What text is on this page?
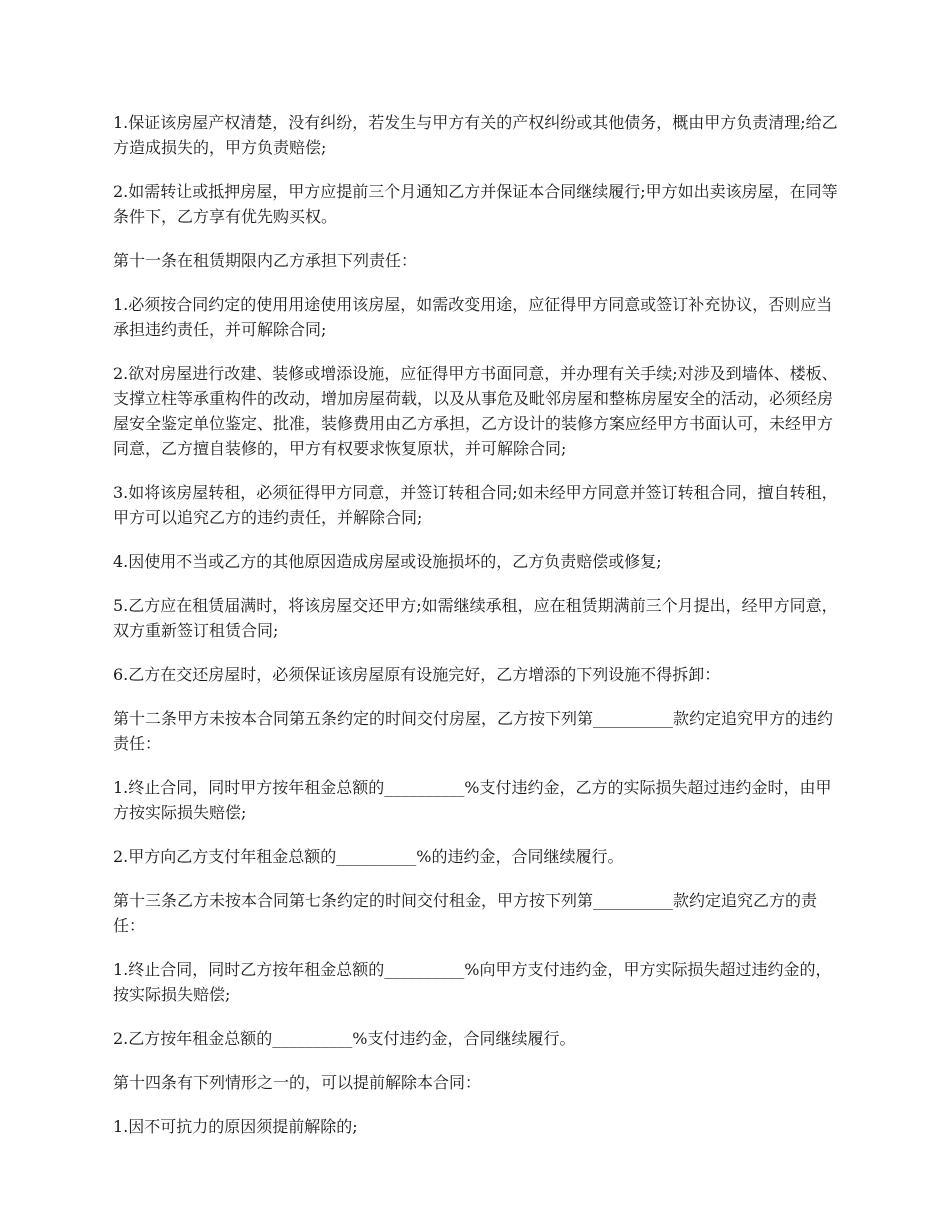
1.保证该房屋产权清楚，没有纠纷，若发生与甲方有关的产权纠纷或其他债务，概由甲方负责清理;给乙方造成损失的，甲方负责赔偿;

2.如需转让或抵押房屋，甲方应提前三个月通知乙方并保证本合同继续履行;甲方如出卖该房屋，在同等条件下，乙方享有优先购买权。

第十一条在租赁期限内乙方承担下列责任：

1.必须按合同约定的使用用途使用该房屋，如需改变用途，应征得甲方同意或签订补充协议，否则应当承担违约责任，并可解除合同;

2.欲对房屋进行改建、装修或增添设施，应征得甲方书面同意，并办理有关手续;对涉及到墙体、楼板、支撑立柱等承重构件的改动，增加房屋荷载，以及从事危及毗邻房屋和整栋房屋安全的活动，必须经房屋安全鉴定单位鉴定、批准，装修费用由乙方承担，乙方设计的装修方案应经甲方书面认可，未经甲方同意，乙方擅自装修的，甲方有权要求恢复原状，并可解除合同;

3.如将该房屋转租，必须征得甲方同意，并签订转租合同;如未经甲方同意并签订转租合同，擅自转租，甲方可以追究乙方的违约责任，并解除合同;

4.因使用不当或乙方的其他原因造成房屋或设施损坏的，乙方负责赔偿或修复;

5.乙方应在租赁届满时，将该房屋交还甲方;如需继续承租，应在租赁期满前三个月提出，经甲方同意，双方重新签订租赁合同;

6.乙方在交还房屋时，必须保证该房屋原有设施完好，乙方增添的下列设施不得拆卸：

第十二条甲方未按本合同第五条约定的时间交付房屋，乙方按下列第__________款约定追究甲方的违约责任：

1.终止合同，同时甲方按年租金总额的__________%支付违约金，乙方的实际损失超过违约金时，由甲方按实际损失赔偿;

2.甲方向乙方支付年租金总额的__________%的违约金，合同继续履行。

第十三条乙方未按本合同第七条约定的时间交付租金，甲方按下列第__________款约定追究乙方的责任：

1.终止合同，同时乙方按年租金总额的__________%向甲方支付违约金，甲方实际损失超过违约金的，按实际损失赔偿;

2.乙方按年租金总额的__________%支付违约金，合同继续履行。

第十四条有下列情形之一的，可以提前解除本合同：

1.因不可抗力的原因须提前解除的;
